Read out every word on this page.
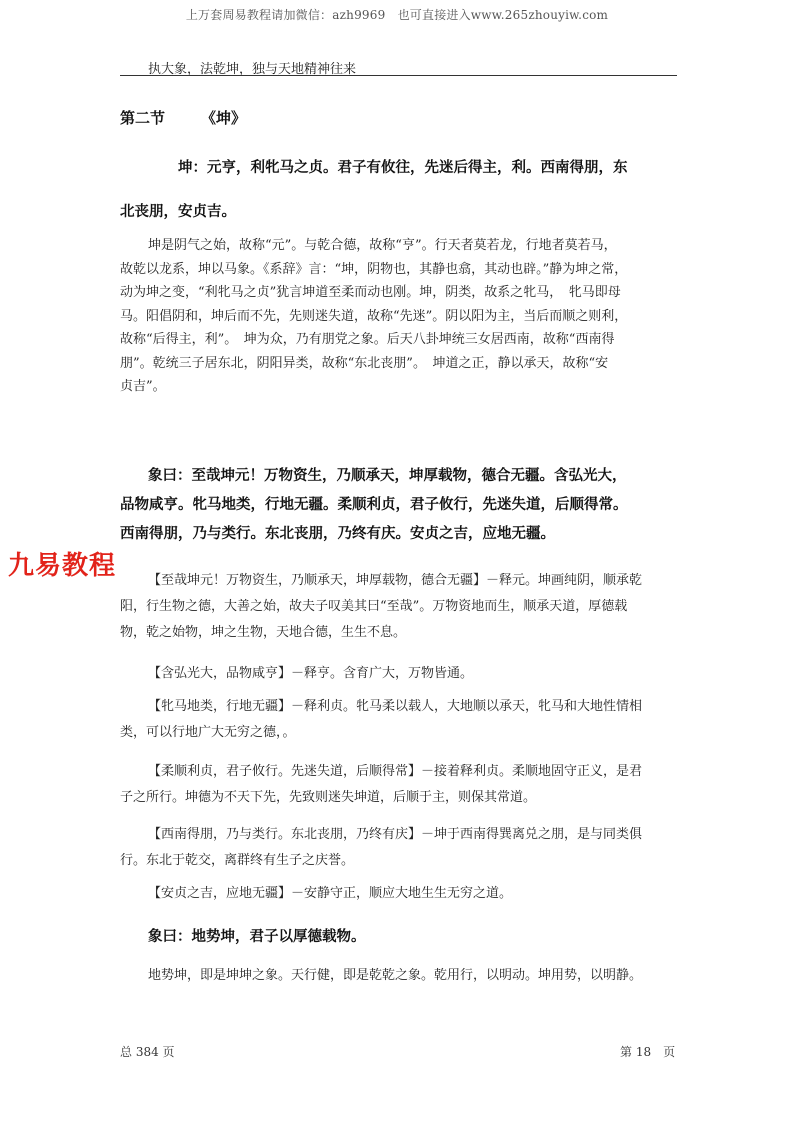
上万套周易教程请加微信：azh9969　也可直接进入www.265zhouyiw.com
执大象，法乾坤，独与天地精神往来
第二节 《坤》
坤：元亨，利牝马之贞。君子有攸往，先迷后得主，利。西南得朋，东
北丧朋，安贞吉。
坤是阴气之始，故称“元”。与乾合德，故称“亨”。行天者莫若龙，行地者莫若马，
故乾以龙系，坤以马象。《系辞》言：“坤，阴物也，其静也翕，其动也辟。”静为坤之常，
动为坤之变，“利牝马之贞”犹言坤道至柔而动也刚。坤，阴类，故系之牝马，　牝马即母
马。阳倡阴和，坤后而不先，先则迷失道，故称“先迷”。阴以阳为主，当后而顺之则利，
故称“后得主，利”。　坤为众，乃有朋党之象。后天八卦坤统三女居西南，故称“西南得
朋”。乾统三子居东北，阴阳异类，故称“东北丧朋”。　坤道之正，静以承天，故称“安
贞吉”。
象曰：至哉坤元！万物资生，乃顺承天，坤厚载物，德合无疆。含弘光大，
品物咸亨。牝马地类，行地无疆。柔顺利贞，君子攸行，先迷失道，后顺得常。
西南得朋，乃与类行。东北丧朋，乃终有庆。安贞之吉，应地无疆。
九易教程	【至哉坤元！万物资生，乃顺承天，坤厚载物，德合无疆】－释元。坤画纯阴，顺承乾
阳，行生物之德，大善之始，故夫子叹美其曰“至哉”。万物资地而生，顺承天道，厚德载
物，乾之始物，坤之生物，天地合德，生生不息。
【含弘光大，品物咸亨】－释亨。含育广大，万物皆通。
【牝马地类，行地无疆】－释利贞。牝马柔以载人，大地顺以承天，牝马和大地性情相
类，可以行地广大无穷之德，。
【柔顺利贞，君子攸行。先迷失道，后顺得常】－接着释利贞。柔顺地固守正义，是君
子之所行。坤德为不天下先，先致则迷失坤道，后顺于主，则保其常道。
【西南得朋，乃与类行。东北丧朋，乃终有庆】－坤于西南得巽离兑之朋，是与同类俱
行。东北于乾交，离群终有生子之庆誉。
【安贞之吉，应地无疆】－安静守正，顺应大地生生无穷之道。
象曰：地势坤，君子以厚德载物。
地势坤，即是坤坤之象。天行健，即是乾乾之象。乾用行，以明动。坤用势，以明静。
总 384 页	第 18　页
